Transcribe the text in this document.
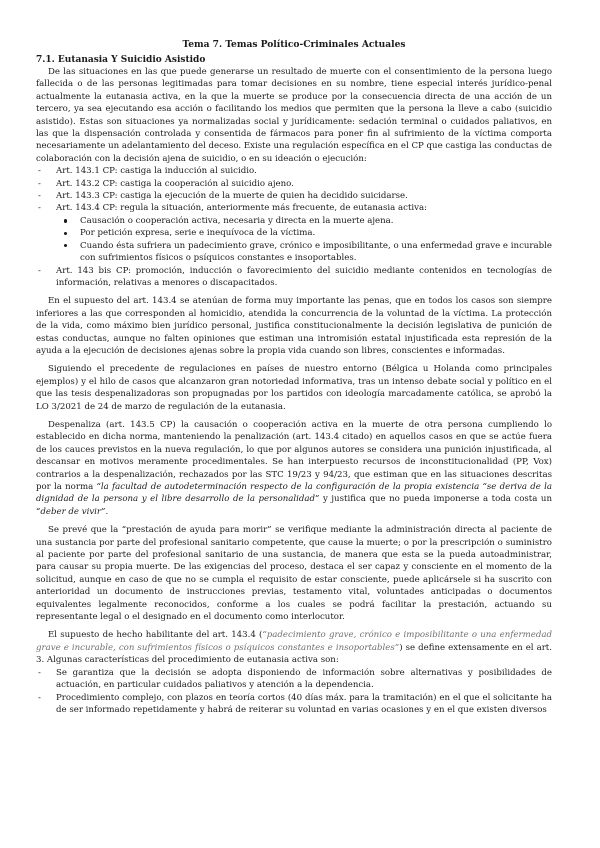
Tema 7. Temas Político-Criminales Actuales
7.1. Eutanasia Y Suicidio Asistido

De las situaciones en las que puede generarse un resultado de muerte con el consentimiento de la persona luego fallecida o de las personas legitimadas para tomar decisiones en su nombre, tiene especial interés jurídico-penal actualmente la eutanasia activa, en la que la muerte se produce por la consecuencia directa de una acción de un tercero, ya sea ejecutando esa acción o facilitando los medios que permiten que la persona la lleve a cabo (suicidio asistido). Estas son situaciones ya normalizadas social y jurídicamente: sedación terminal o cuidados paliativos, en las que la dispensación controlada y consentida de fármacos para poner fin al sufrimiento de la víctima comporta necesariamente un adelantamiento del deceso. Existe una regulación específica en el CP que castiga las conductas de colaboración con la decisión ajena de suicidio, o en su ideación o ejecución:

- Art. 143.1 CP: castiga la inducción al suicidio.
- Art. 143.2 CP: castiga la cooperación al suicidio ajeno.
- Art. 143.3 CP: castiga la ejecución de la muerte de quien ha decidido suicidarse.
- Art. 143.4 CP: regula la situación, anteriormente más frecuente, de eutanasia activa:
Causación o cooperación activa, necesaria y directa en la muerte ajena.
Por petición expresa, serie e inequívoca de la víctima.
Cuando ésta sufriera un padecimiento grave, crónico e imposibilitante, o una enfermedad grave e incurable con sufrimientos físicos o psíquicos constantes e insoportables.
- Art. 143 bis CP: promoción, inducción o favorecimiento del suicidio mediante contenidos en tecnologías de información, relativas a menores o discapacitados.

En el supuesto del art. 143.4 se atenúan de forma muy importante las penas, que en todos los casos son siempre inferiores a las que corresponden al homicidio, atendida la concurrencia de la voluntad de la víctima. La protección de la vida, como máximo bien jurídico personal, justifica constitucionalmente la decisión legislativa de punición de estas conductas, aunque no falten opiniones que estiman una intromisión estatal injustificada esta represión de la ayuda a la ejecución de decisiones ajenas sobre la propia vida cuando son libres, conscientes e informadas.

Siguiendo el precedente de regulaciones en países de nuestro entorno (Bélgica u Holanda como principales ejemplos) y el hilo de casos que alcanzaron gran notoriedad informativa, tras un intenso debate social y político en el que las tesis despenalizadoras son propugnadas por los partidos con ideología marcadamente católica, se aprobó la LO 3/2021 de 24 de marzo de regulación de la eutanasia.

Despenaliza (art. 143.5 CP) la causación o cooperación activa en la muerte de otra persona cumpliendo lo establecido en dicha norma, manteniendo la penalización (art. 143.4 citado) en aquellos casos en que se actúe fuera de los cauces previstos en la nueva regulación, lo que por algunos autores se considera una punición injustificada, al descansar en motivos meramente procedimentales. Se han interpuesto recursos de inconstitucionalidad (PP, Vox) contrarios a la despenalización, rechazados por las STC 19/23 y 94/23, que estiman que en las situaciones descritas por la norma “la facultad de autodeterminación respecto de la configuración de la propia existencia “se deriva de la dignidad de la persona y el libre desarrollo de la personalidad” y justifica que no pueda imponerse a toda costa un “deber de vivir”.

Se prevé que la “prestación de ayuda para morir” se verifique mediante la administración directa al paciente de una sustancia por parte del profesional sanitario competente, que cause la muerte; o por la prescripción o suministro al paciente por parte del profesional sanitario de una sustancia, de manera que esta se la pueda autoadministrar, para causar su propia muerte. De las exigencias del proceso, destaca el ser capaz y consciente en el momento de la solicitud, aunque en caso de que no se cumpla el requisito de estar consciente, puede aplicársele si ha suscrito con anterioridad un documento de instrucciones previas, testamento vital, voluntades anticipadas o documentos equivalentes legalmente reconocidos, conforme a los cuales se podrá facilitar la prestación, actuando su representante legal o el designado en el documento como interlocutor.

El supuesto de hecho habilitante del art. 143.4 (“padecimiento grave, crónico e imposibilitante o una enfermedad grave e incurable, con sufrimientos físicos o psíquicos constantes e insoportables”) se define extensamente en el art. 3. Algunas características del procedimiento de eutanasia activa son:

- Se garantiza que la decisión se adopta disponiendo de información sobre alternativas y posibilidades de actuación, en particular cuidados paliativos y atención a la dependencia.
- Procedimiento complejo, con plazos en teoría cortos (40 días máx. para la tramitación) en el que el solicitante ha de ser informado repetidamente y habrá de reiterar su voluntad en varias ocasiones y en el que existen diversos
